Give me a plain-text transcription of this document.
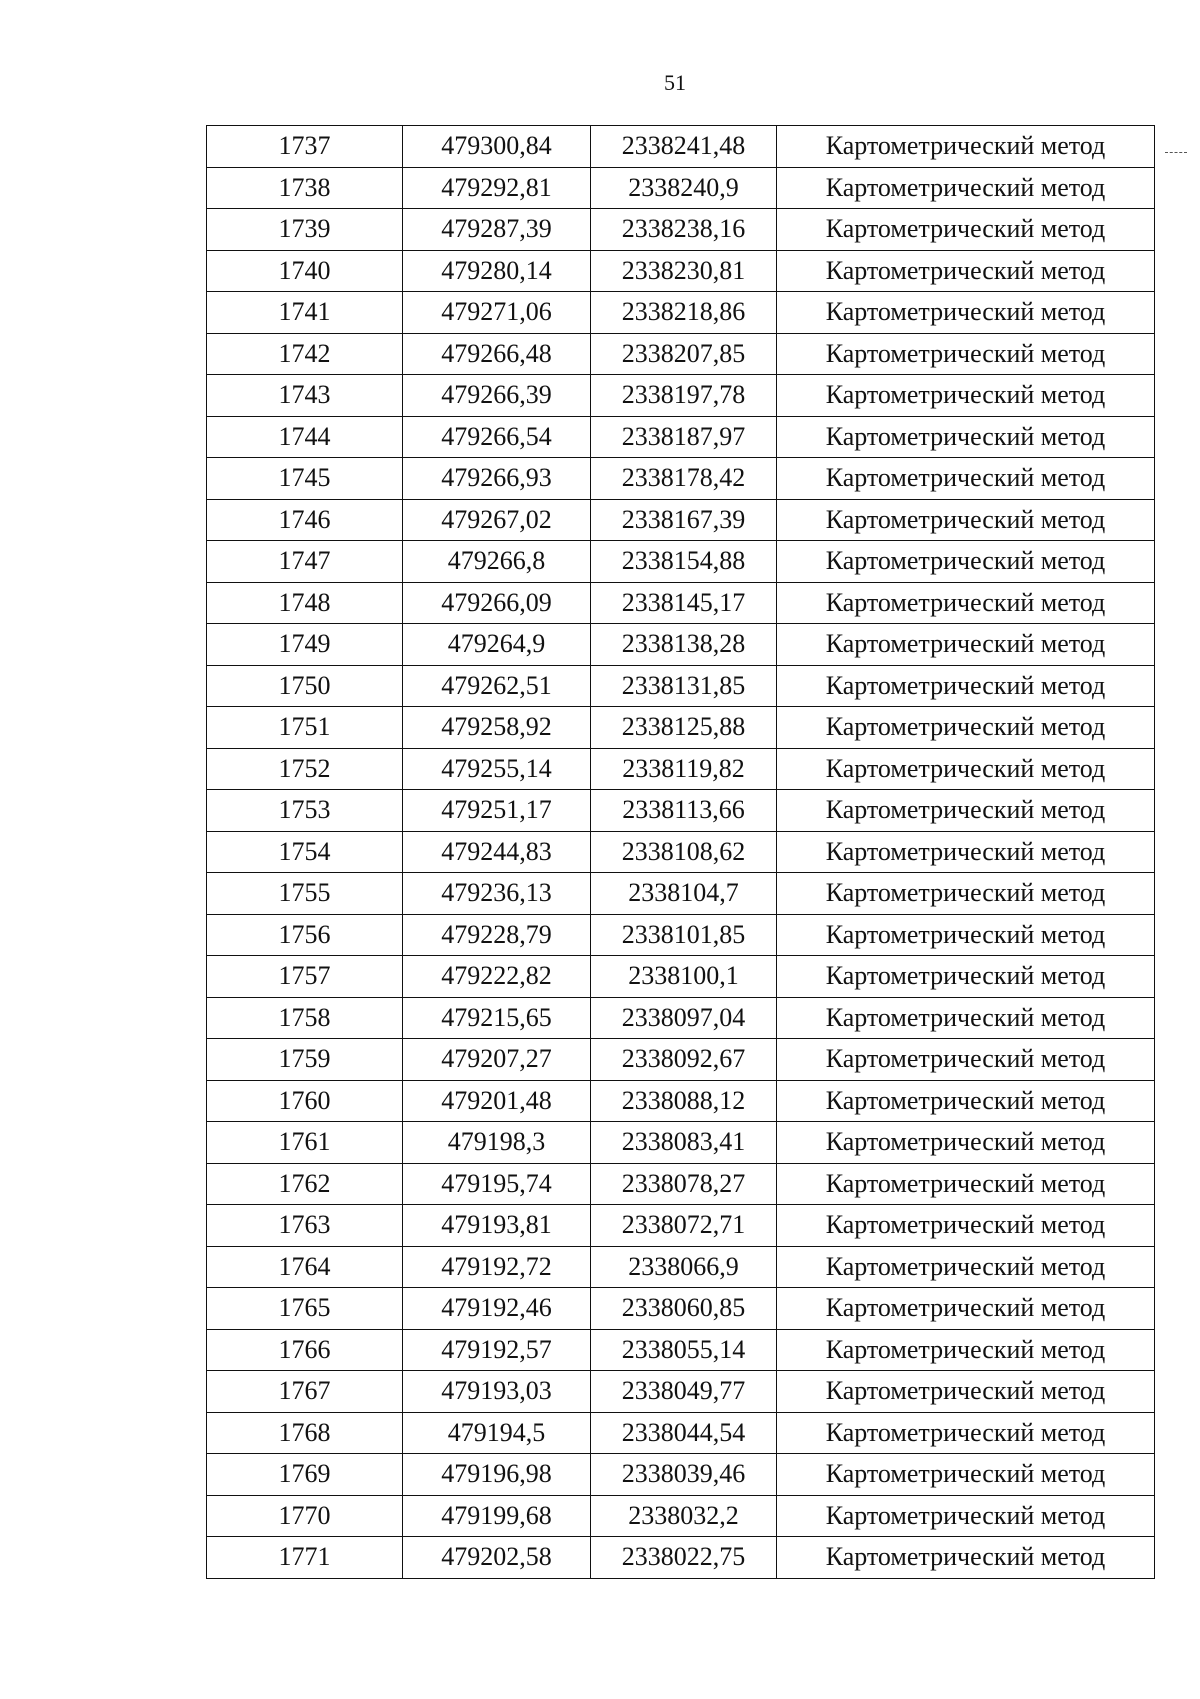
51
1737	479300,84	2338241,48	Картометрический метод
1738	479292,81	2338240,9	Картометрический метод
1739	479287,39	2338238,16	Картометрический метод
1740	479280,14	2338230,81	Картометрический метод
1741	479271,06	2338218,86	Картометрический метод
1742	479266,48	2338207,85	Картометрический метод
1743	479266,39	2338197,78	Картометрический метод
1744	479266,54	2338187,97	Картометрический метод
1745	479266,93	2338178,42	Картометрический метод
1746	479267,02	2338167,39	Картометрический метод
1747	479266,8	2338154,88	Картометрический метод
1748	479266,09	2338145,17	Картометрический метод
1749	479264,9	2338138,28	Картометрический метод
1750	479262,51	2338131,85	Картометрический метод
1751	479258,92	2338125,88	Картометрический метод
1752	479255,14	2338119,82	Картометрический метод
1753	479251,17	2338113,66	Картометрический метод
1754	479244,83	2338108,62	Картометрический метод
1755	479236,13	2338104,7	Картометрический метод
1756	479228,79	2338101,85	Картометрический метод
1757	479222,82	2338100,1	Картометрический метод
1758	479215,65	2338097,04	Картометрический метод
1759	479207,27	2338092,67	Картометрический метод
1760	479201,48	2338088,12	Картометрический метод
1761	479198,3	2338083,41	Картометрический метод
1762	479195,74	2338078,27	Картометрический метод
1763	479193,81	2338072,71	Картометрический метод
1764	479192,72	2338066,9	Картометрический метод
1765	479192,46	2338060,85	Картометрический метод
1766	479192,57	2338055,14	Картометрический метод
1767	479193,03	2338049,77	Картометрический метод
1768	479194,5	2338044,54	Картометрический метод
1769	479196,98	2338039,46	Картометрический метод
1770	479199,68	2338032,2	Картометрический метод
1771	479202,58	2338022,75	Картометрический метод
